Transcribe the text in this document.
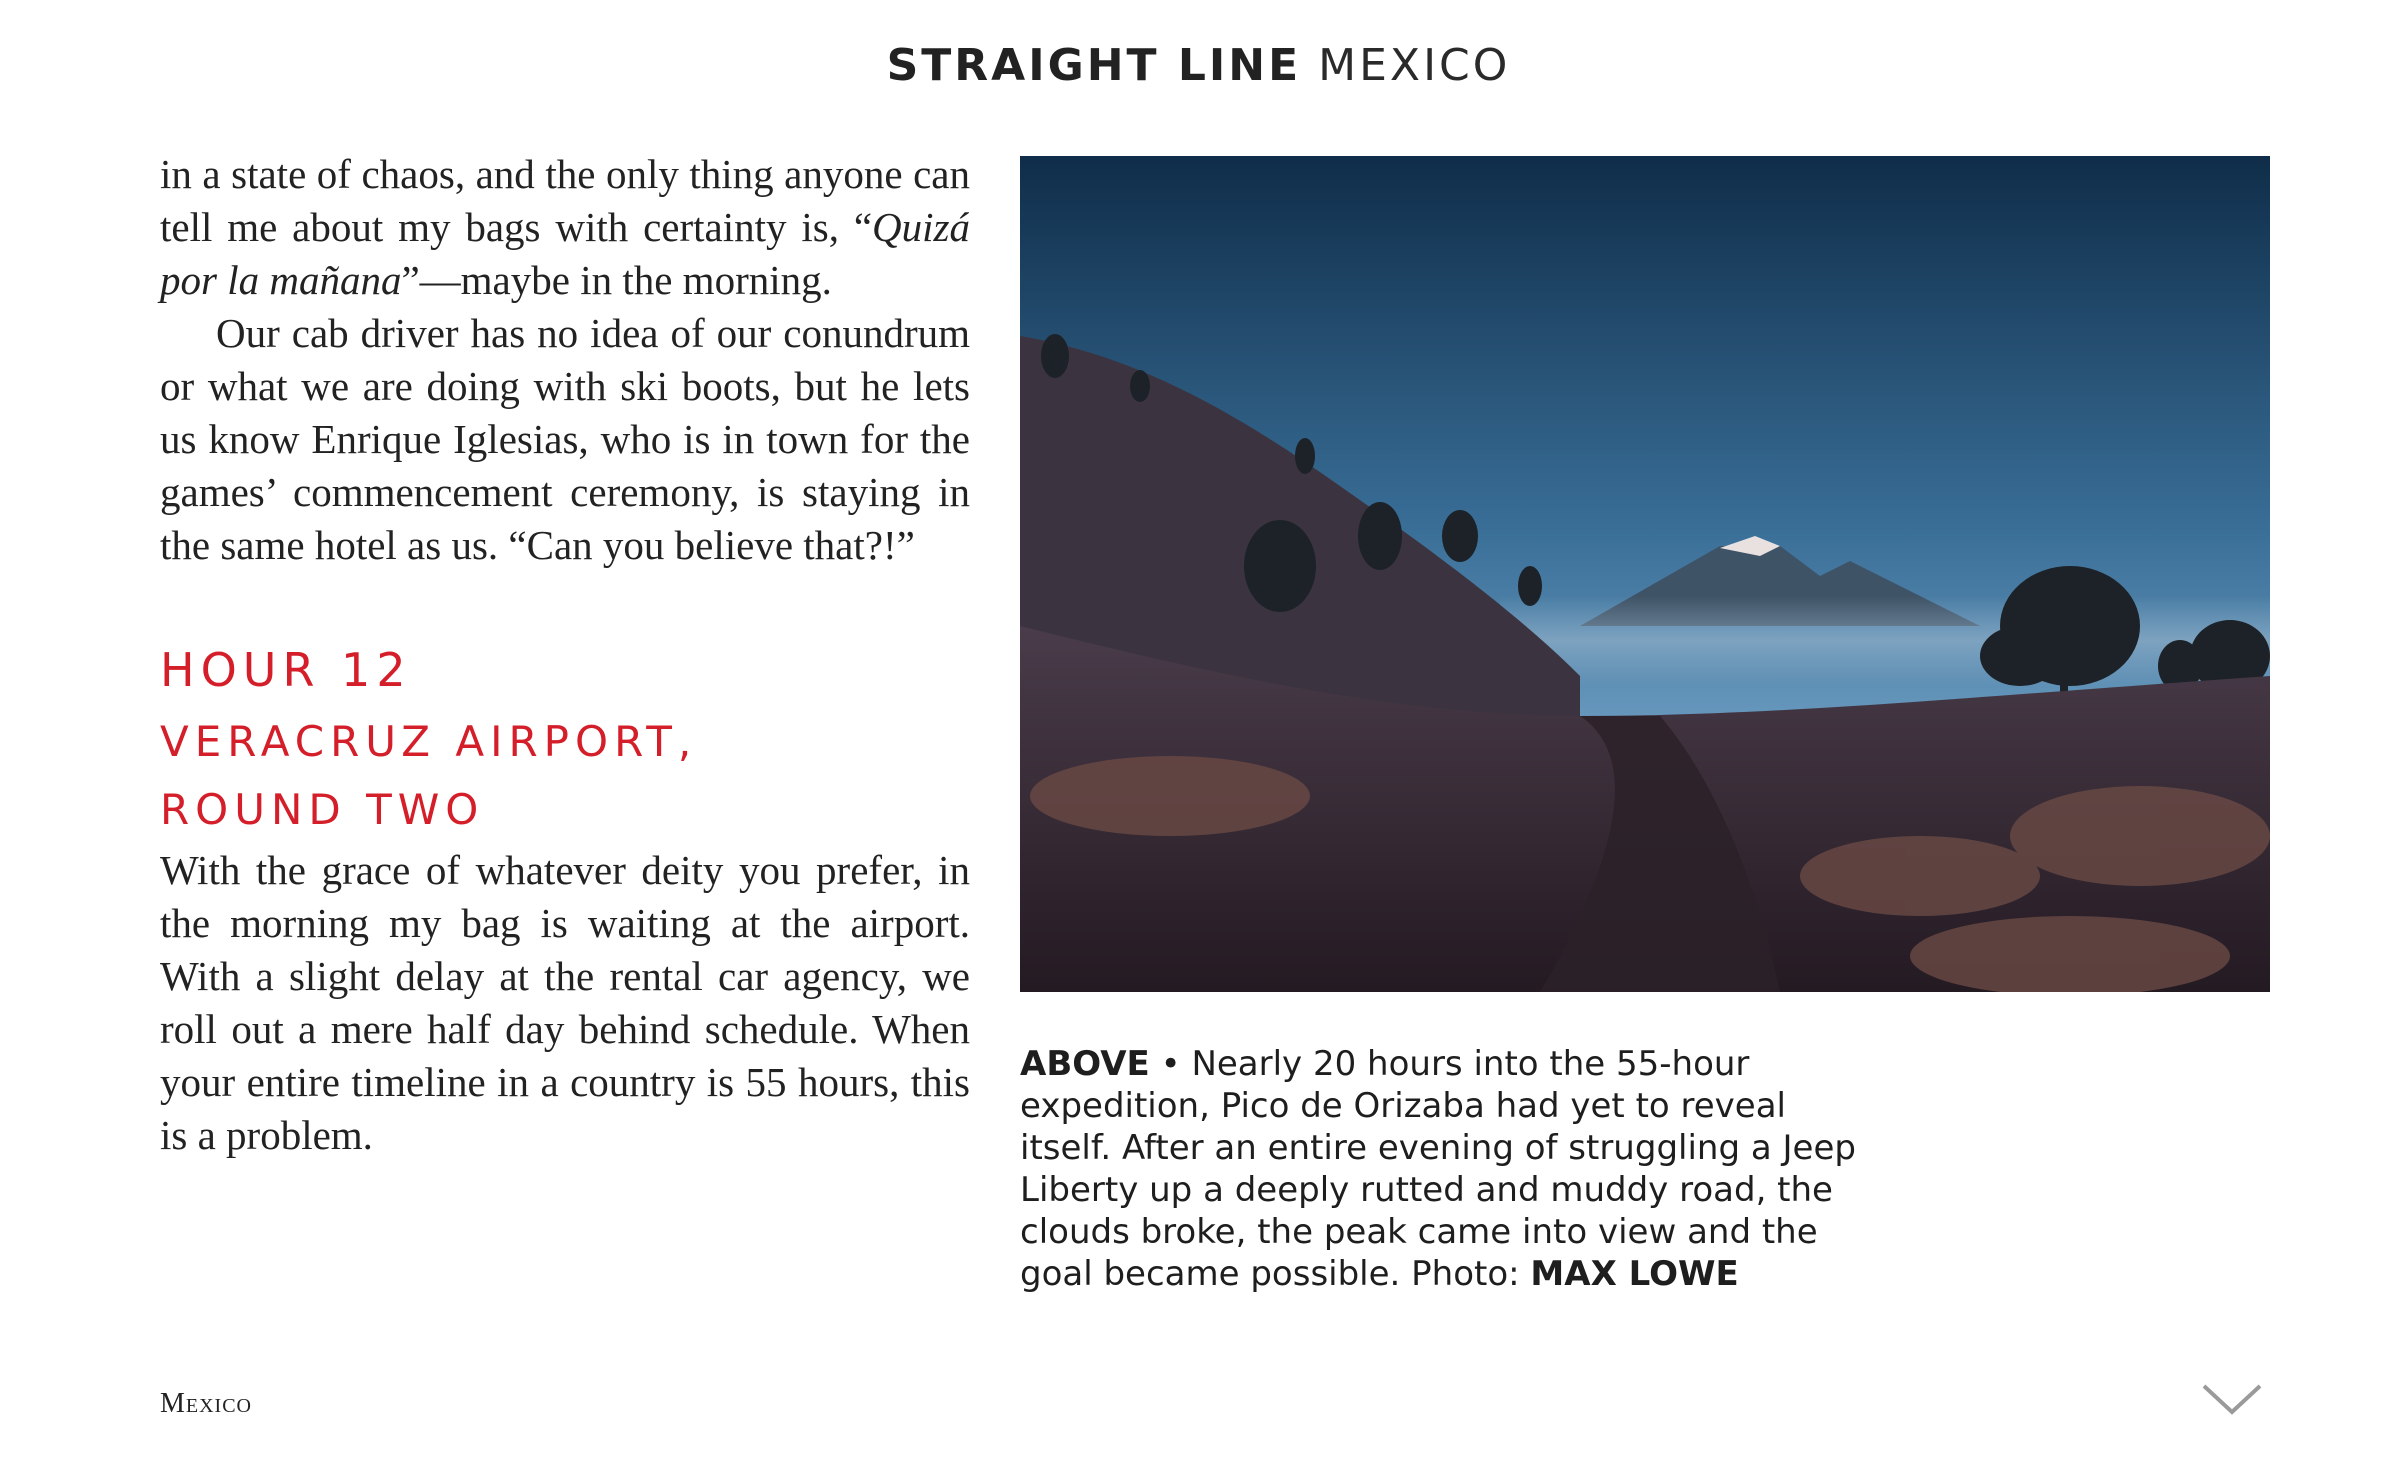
STRAIGHT LINE MEXICO

in a state of chaos, and the only thing anyone can tell me about my bags with certainty is, “Quizá por la mañana”—maybe in the morning.

Our cab driver has no idea of our conundrum or what we are doing with ski boots, but he lets us know Enrique Iglesias, who is in town for the games’ commencement ceremony, is staying in the same hotel as us. “Can you believe that?!”

HOUR 12
VERACRUZ AIRPORT, ROUND TWO

With the grace of whatever deity you prefer, in the morning my bag is waiting at the airport. With a slight delay at the rental car agency, we roll out a mere half day behind schedule. When your entire timeline in a country is 55 hours, this is a problem.

ABOVE • Nearly 20 hours into the 55-hour expedition, Pico de Orizaba had yet to reveal itself. After an entire evening of struggling a Jeep Liberty up a deeply rutted and muddy road, the clouds broke, the peak came into view and the goal became possible. Photo: MAX LOWE
Mexico
